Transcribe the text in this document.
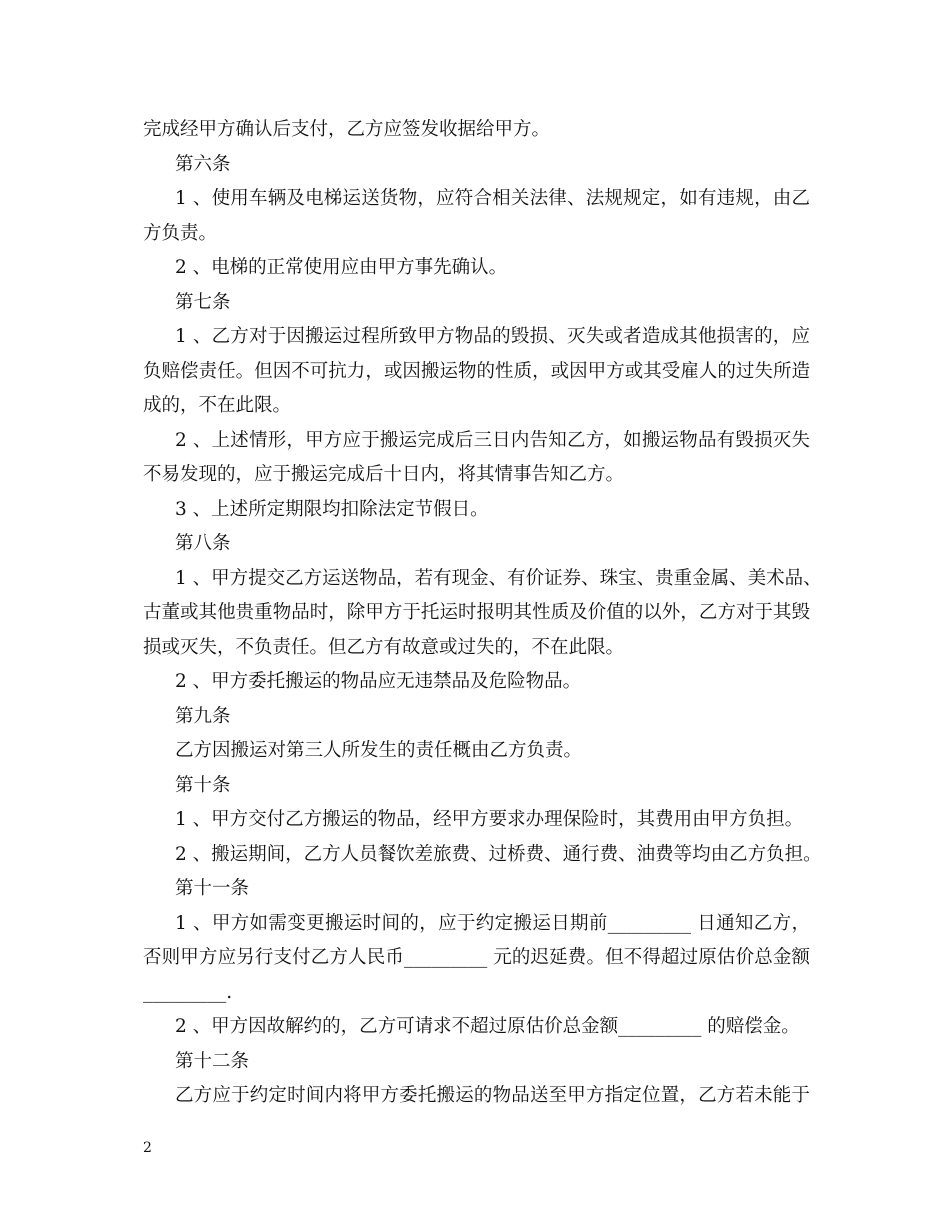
完成经甲方确认后支付，乙方应签发收据给甲方。
第六条
1 、使用车辆及电梯运送货物，应符合相关法律、法规规定，如有违规，由乙
方负责。
2 、电梯的正常使用应由甲方事先确认。
第七条
1 、乙方对于因搬运过程所致甲方物品的毁损、灭失或者造成其他损害的，应
负赔偿责任。但因不可抗力，或因搬运物的性质，或因甲方或其受雇人的过失所造
成的，不在此限。
2 、上述情形，甲方应于搬运完成后三日内告知乙方，如搬运物品有毁损灭失
不易发现的，应于搬运完成后十日内，将其情事告知乙方。
3 、上述所定期限均扣除法定节假日。
第八条
1 、甲方提交乙方运送物品，若有现金、有价证券、珠宝、贵重金属、美术品、
古董或其他贵重物品时，除甲方于托运时报明其性质及价值的以外，乙方对于其毁
损或灭失，不负责任。但乙方有故意或过失的，不在此限。
2 、甲方委托搬运的物品应无违禁品及危险物品。
第九条
乙方因搬运对第三人所发生的责任概由乙方负责。
第十条
1 、甲方交付乙方搬运的物品，经甲方要求办理保险时，其费用由甲方负担。
2 、搬运期间，乙方人员餐饮差旅费、过桥费、通行费、油费等均由乙方负担。
第十一条
1 、甲方如需变更搬运时间的，应于约定搬运日期前_________ 日通知乙方，
否则甲方应另行支付乙方人民币_________ 元的迟延费。但不得超过原估价总金额
_________.
2 、甲方因故解约的，乙方可请求不超过原估价总金额_________ 的赔偿金。
第十二条
乙方应于约定时间内将甲方委托搬运的物品送至甲方指定位置，乙方若未能于
2
